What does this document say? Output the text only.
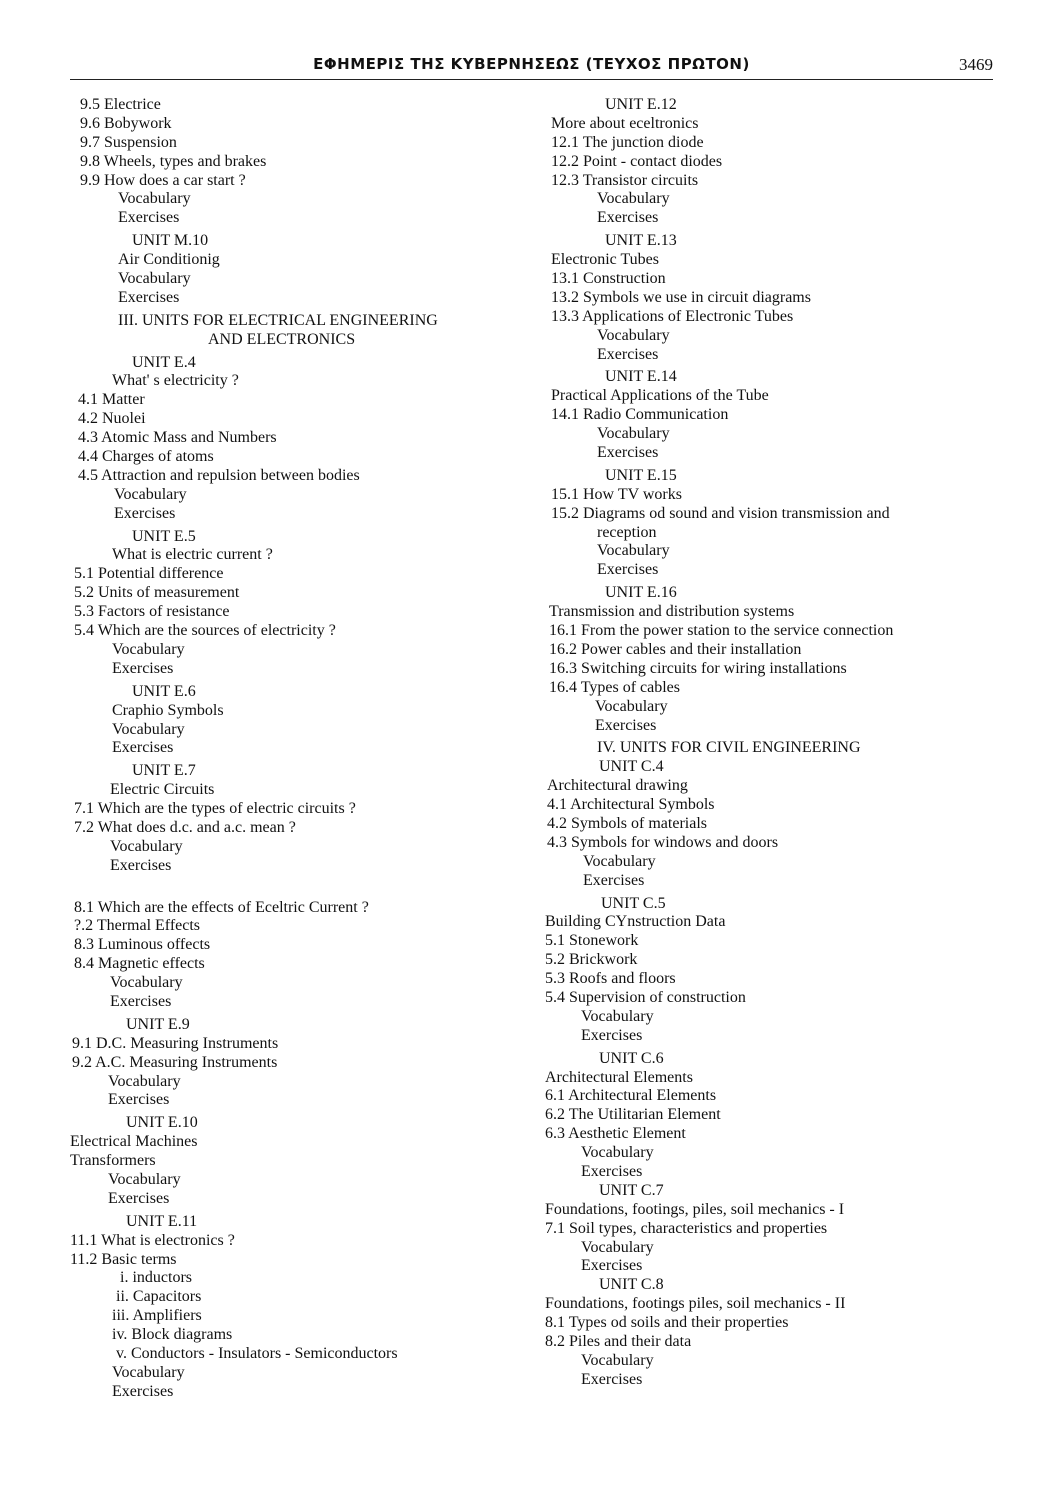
ΕΦΗΜΕΡΙΣ ΤΗΣ ΚΥΒΕΡΝΗΣΕΩΣ (ΤΕΥΧΟΣ ΠΡΩΤΟΝ)	3469
9.5 Electrice
9.6 Bobywork
9.7 Suspension
9.8 Wheels, types and brakes
9.9 How does a car start ?
Vocabulary
Exercises
UNIT M.10
Air Conditionig
Vocabulary
Exercises
III. UNITS FOR ELECTRICAL ENGINEERING
AND ELECTRONICS
UNIT E.4
What' s electricity ?
4.1 Matter
4.2 Nuolei
4.3 Atomic Mass and Numbers
4.4 Charges of atoms
4.5 Attraction and repulsion between bodies
Vocabulary
Exercises
UNIT E.5
What is electric current ?
5.1 Potential difference
5.2 Units of measurement
5.3 Factors of resistance
5.4 Which are the sources of electricity ?
Vocabulary
Exercises
UNIT E.6
Craphio Symbols
Vocabulary
Exercises
UNIT E.7
Electric Circuits
7.1 Which are the types of electric circuits ?
7.2 What does d.c. and a.c. mean ?
Vocabulary
Exercises
8.1 Which are the effects of Eceltric Current ?
?.2 Thermal Effects
8.3 Luminous offects
8.4 Magnetic effects
Vocabulary
Exercises
UNIT E.9
9.1 D.C. Measuring Instruments
9.2 A.C. Measuring Instruments
Vocabulary
Exercises
UNIT E.10
Electrical Machines
Transformers
Vocabulary
Exercises
UNIT E.11
11.1 What is electronics ?
11.2 Basic terms
i. inductors
ii. Capacitors
iii. Amplifiers
iv. Block diagrams
v. Conductors - Insulators - Semiconductors
Vocabulary
Exercises
UNIT E.12
More about eceltronics
12.1 The junction diode
12.2 Point - contact diodes
12.3 Transistor circuits
Vocabulary
Exercises
UNIT E.13
Electronic Tubes
13.1 Construction
13.2 Symbols we use in circuit diagrams
13.3 Applications of Electronic Tubes
Vocabulary
Exercises
UNIT E.14
Practical Applications of the Tube
14.1 Radio Communication
Vocabulary
Exercises
UNIT E.15
15.1 How TV works
15.2 Diagrams od sound and vision transmission and
reception
Vocabulary
Exercises
UNIT E.16
Transmission and distribution systems
16.1 From the power station to the service connection
16.2 Power cables and their installation
16.3 Switching circuits for wiring installations
16.4 Types of cables
Vocabulary
Exercises
IV. UNITS FOR CIVIL ENGINEERING
UNIT C.4
Architectural drawing
4.1 Architectural Symbols
4.2 Symbols of materials
4.3 Symbols for windows and doors
Vocabulary
Exercises
UNIT C.5
Building CYnstruction Data
5.1 Stonework
5.2 Brickwork
5.3 Roofs and floors
5.4 Supervision of construction
Vocabulary
Exercises
UNIT C.6
Architectural Elements
6.1 Architectural Elements
6.2 The Utilitarian Element
6.3 Aesthetic Element
Vocabulary
Exercises
UNIT C.7
Foundations, footings, piles, soil mechanics - I
7.1 Soil types, characteristics and properties
Vocabulary
Exercises
UNIT C.8
Foundations, footings piles, soil mechanics - II
8.1 Types od soils and their properties
8.2 Piles and their data
Vocabulary
Exercises
